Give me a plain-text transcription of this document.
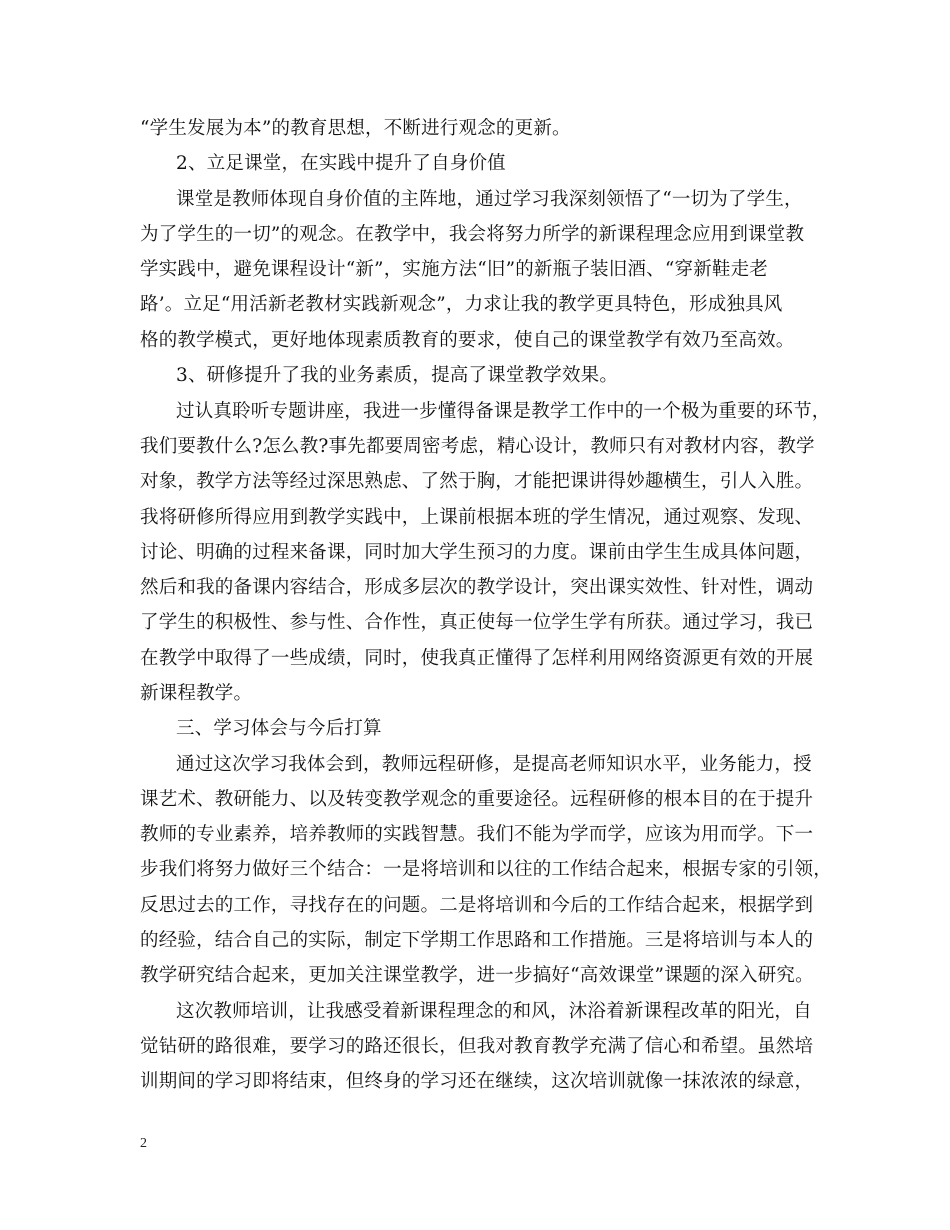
“学生发展为本”的教育思想，不断进行观念的更新。
2、立足课堂，在实践中提升了自身价值
课堂是教师体现自身价值的主阵地，通过学习我深刻领悟了“一切为了学生，
为了学生的一切”的观念。在教学中，我会将努力所学的新课程理念应用到课堂教
学实践中，避免课程设计“新”，实施方法“旧”的新瓶子装旧酒、“穿新鞋走老
路’。立足“用活新老教材实践新观念”，力求让我的教学更具特色，形成独具风
格的教学模式，更好地体现素质教育的要求，使自己的课堂教学有效乃至高效。
3、研修提升了我的业务素质，提高了课堂教学效果。
过认真聆听专题讲座，我进一步懂得备课是教学工作中的一个极为重要的环节，
我们要教什么?怎么教?事先都要周密考虑，精心设计，教师只有对教材内容，教学
对象，教学方法等经过深思熟虑、了然于胸，才能把课讲得妙趣横生，引人入胜。
我将研修所得应用到教学实践中，上课前根据本班的学生情况，通过观察、发现、
讨论、明确的过程来备课，同时加大学生预习的力度。课前由学生生成具体问题，
然后和我的备课内容结合，形成多层次的教学设计，突出课实效性、针对性，调动
了学生的积极性、参与性、合作性，真正使每一位学生学有所获。通过学习，我已
在教学中取得了一些成绩，同时，使我真正懂得了怎样利用网络资源更有效的开展
新课程教学。
三、学习体会与今后打算
通过这次学习我体会到，教师远程研修，是提高老师知识水平，业务能力，授
课艺术、教研能力、以及转变教学观念的重要途径。远程研修的根本目的在于提升
教师的专业素养，培养教师的实践智慧。我们不能为学而学，应该为用而学。下一
步我们将努力做好三个结合：一是将培训和以往的工作结合起来，根据专家的引领，
反思过去的工作，寻找存在的问题。二是将培训和今后的工作结合起来，根据学到
的经验，结合自己的实际，制定下学期工作思路和工作措施。三是将培训与本人的
教学研究结合起来，更加关注课堂教学，进一步搞好“高效课堂”课题的深入研究。
这次教师培训，让我感受着新课程理念的和风，沐浴着新课程改革的阳光，自
觉钻研的路很难，要学习的路还很长，但我对教育教学充满了信心和希望。虽然培
训期间的学习即将结束，但终身的学习还在继续，这次培训就像一抹浓浓的绿意，
2
